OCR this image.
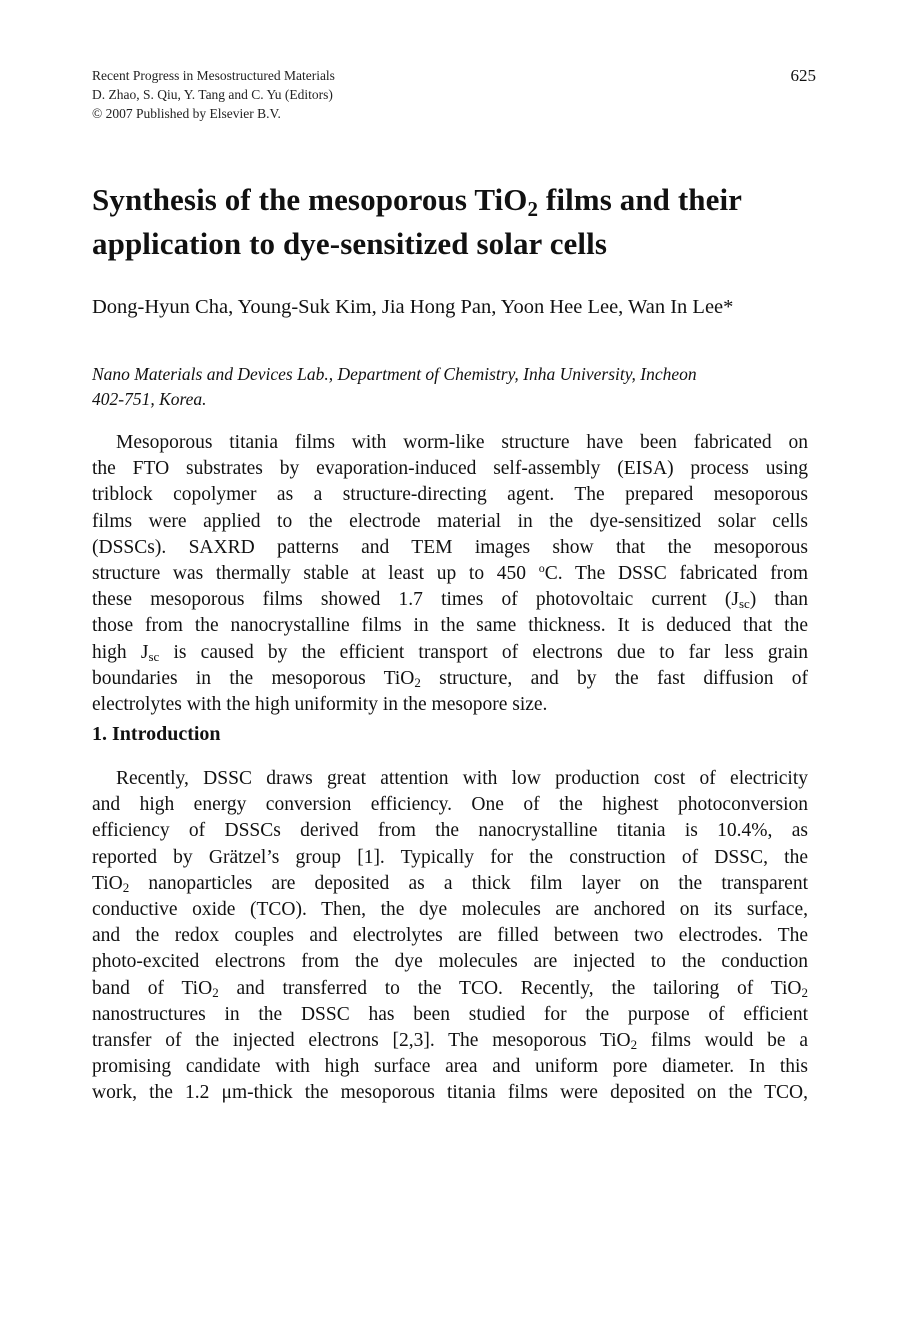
Recent Progress in Mesostructured Materials
D. Zhao, S. Qiu, Y. Tang and C. Yu (Editors)
© 2007 Published by Elsevier B.V.
625
Synthesis of the mesoporous TiO$_2$ films and their
application to dye-sensitized solar cells
Dong-Hyun Cha, Young-Suk Kim, Jia Hong Pan, Yoon Hee Lee, Wan In Lee*
Nano Materials and Devices Lab., Department of Chemistry, Inha University, Incheon
402-751, Korea.
Mesoporous titania films with worm-like structure have been fabricated on
the FTO substrates by evaporation-induced self-assembly (EISA) process using
triblock copolymer as a structure-directing agent. The prepared mesoporous
films were applied to the electrode material in the dye-sensitized solar cells
(DSSCs). SAXRD patterns and TEM images show that the mesoporous
structure was thermally stable at least up to 450 $^o$C. The DSSC fabricated from
these mesoporous films showed 1.7 times of photovoltaic current $(J_{sc})$ than
those from the nanocrystalline films in the same thickness. It is deduced that the
high $J_{sc}$ is caused by the efficient transport of electrons due to far less grain
boundaries in the mesoporous TiO$_2$ structure, and by the fast diffusion of
electrolytes with the high uniformity in the mesopore size.
1. Introduction
Recently, DSSC draws great attention with low production cost of electricity
and high energy conversion efficiency. One of the highest photoconversion
efficiency of DSSCs derived from the nanocrystalline titania is 10.4%, as
reported by Grätzel’s group [1]. Typically for the construction of DSSC, the
TiO$_2$ nanoparticles are deposited as a thick film layer on the transparent
conductive oxide (TCO). Then, the dye molecules are anchored on its surface,
and the redox couples and electrolytes are filled between two electrodes. The
photo-excited electrons from the dye molecules are injected to the conduction
band of TiO$_2$ and transferred to the TCO. Recently, the tailoring of TiO$_2$
nanostructures in the DSSC has been studied for the purpose of efficient
transfer of the injected electrons [2,3]. The mesoporous TiO$_2$ films would be a
promising candidate with high surface area and uniform pore diameter. In this
work, the 1.2 μm-thick the mesoporous titania films were deposited on the TCO,
